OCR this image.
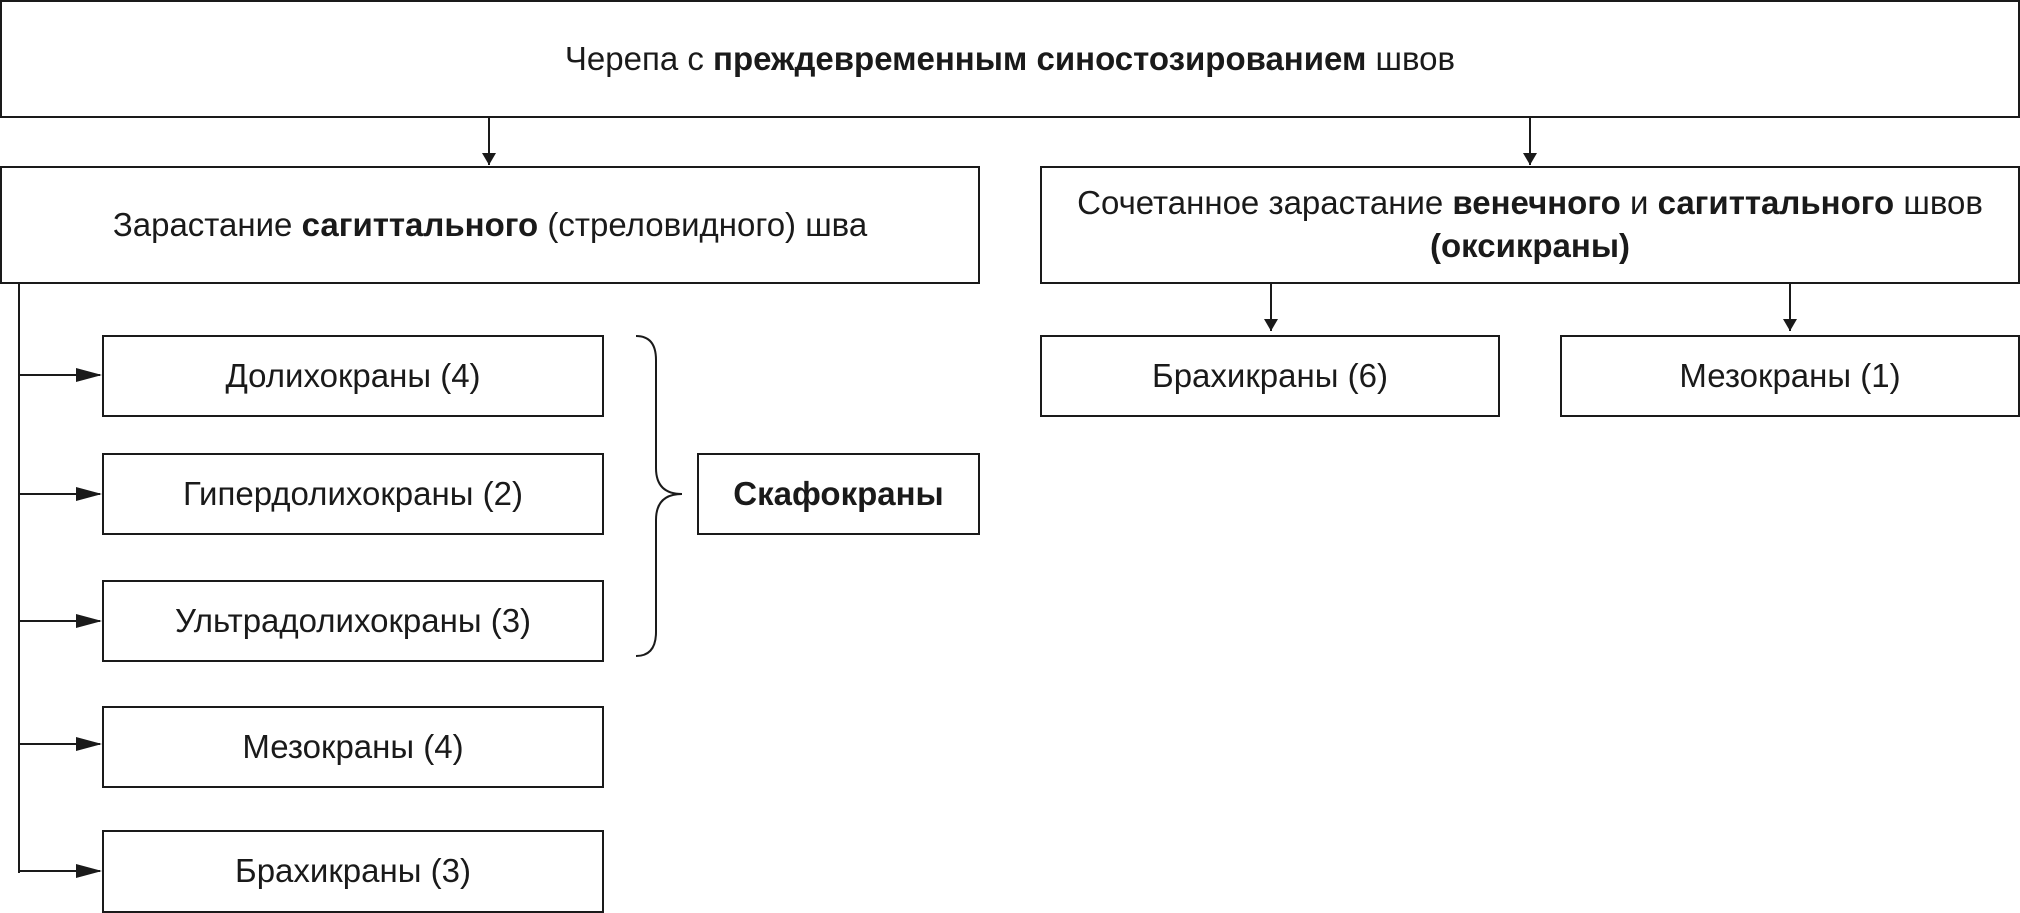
Черепа с преждевременным синостозированием швов
Зарастание сагиттального (стреловидного) шва
Сочетанное зарастание венечного и сагиттального швов
(оксикраны)
Долихокраны (4)
Гипердолихокраны (2)
Ультрадолихокраны (3)
Мезокраны (4)
Брахикраны (3)
Скафокраны
Брахикраны (6)	Мезокраны (1)
